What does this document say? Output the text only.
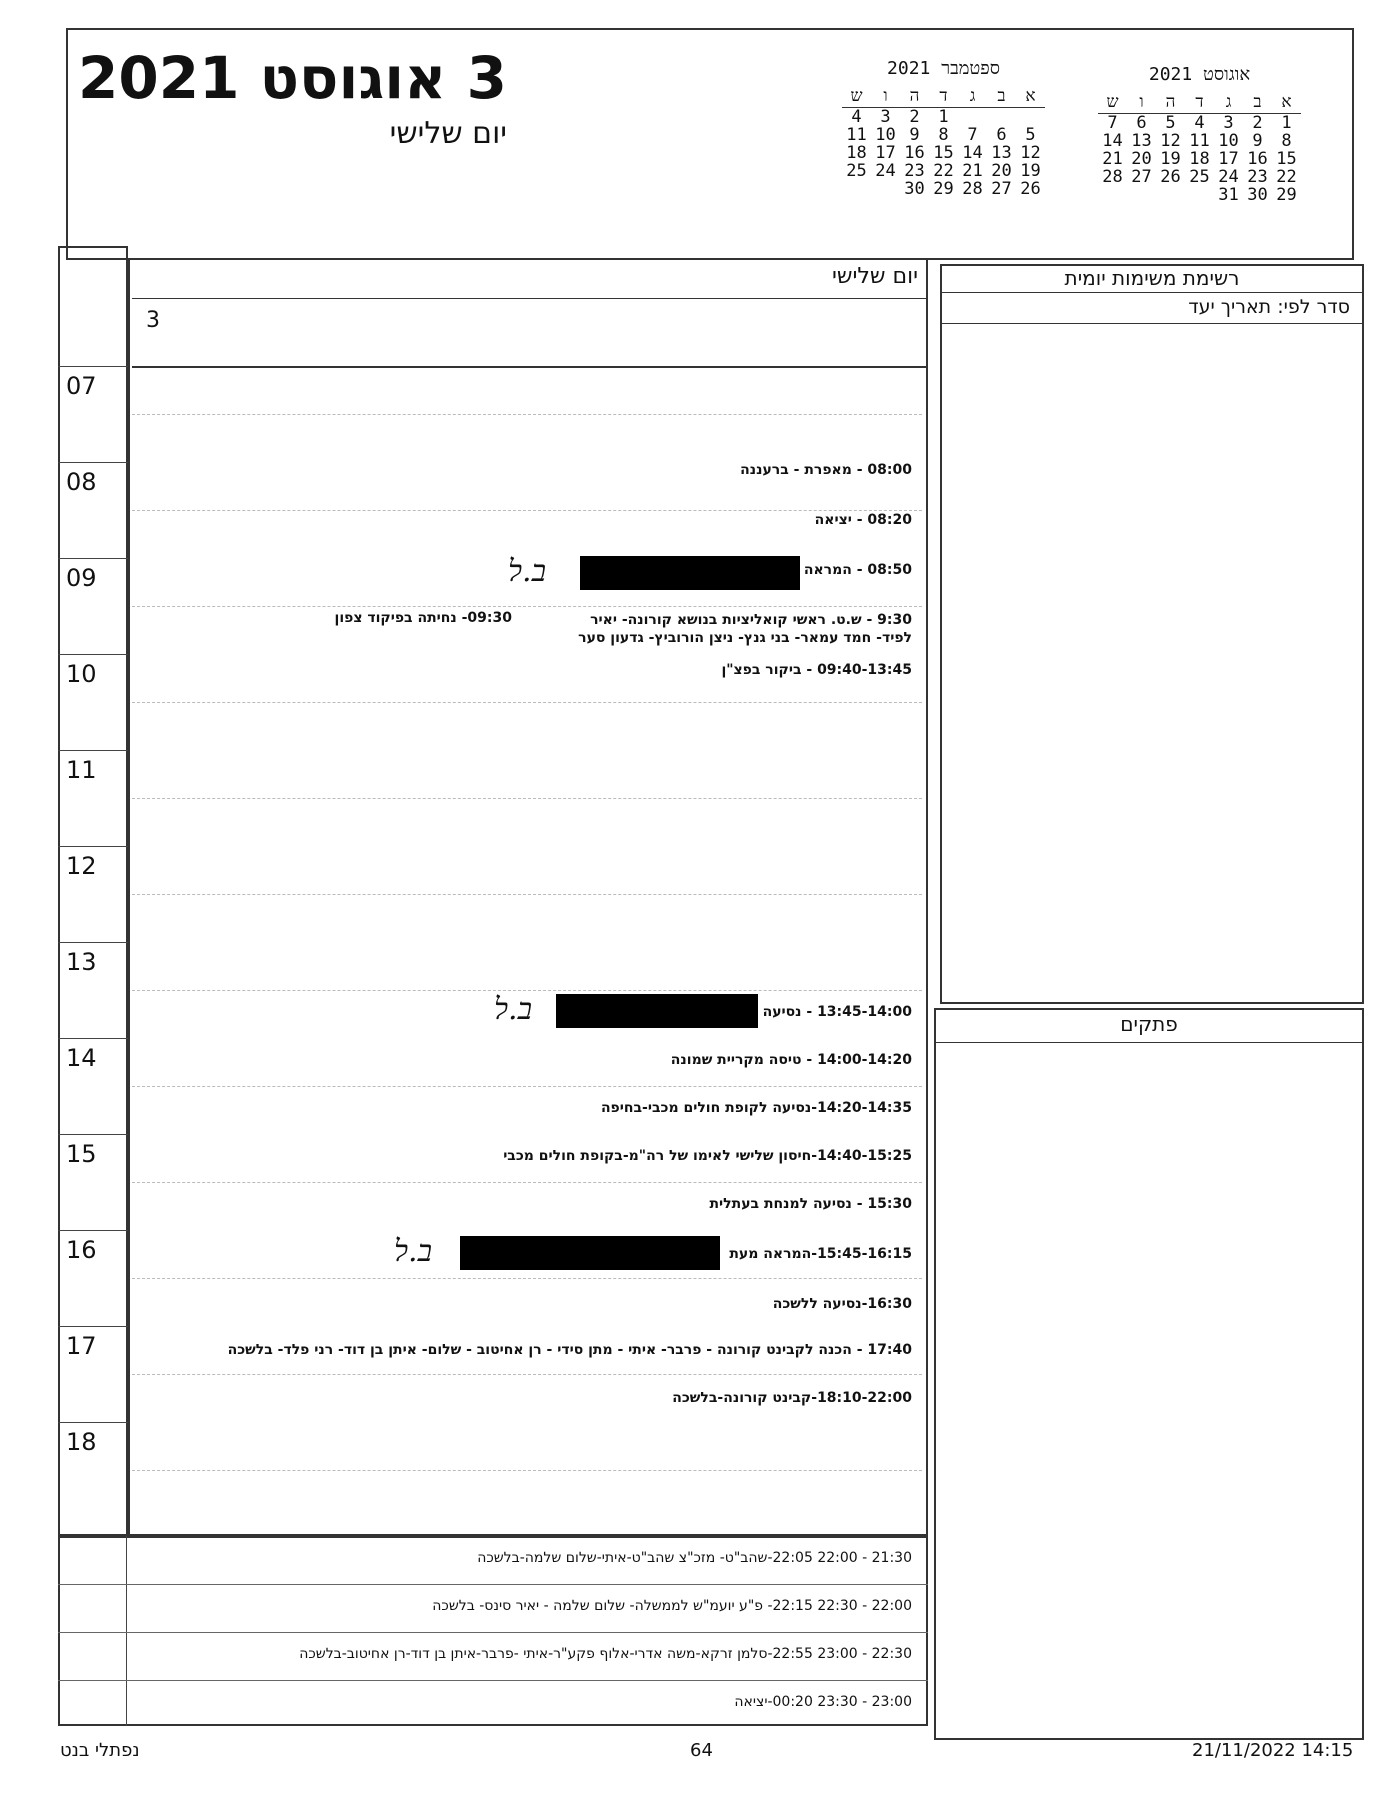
3 אוגוסט 2021
יום שלישי
אוגוסט 2021
א	ב	ג	ד	ה	ו	ש
1	2	3	4	5	6	7
8	9	10	11	12	13	14
15	16	17	18	19	20	21
22	23	24	25	26	27	28
29	30	31				
ספטמבר 2021
א	ב	ג	ד	ה	ו	ש
			1	2	3	4
5	6	7	8	9	10	11
12	13	14	15	16	17	18
19	20	21	22	23	24	25
26	27	28	29	30		
יום שלישי
3
07
08
09
10
11
12
13
14
15
16
17
18
08:00 - מאפרת - ברעננה
08:20 - יציאה
08:50 - המראה
ב.ל
9:30 - ש.ט. ראשי קואליציות בנושא קורונה- יאיר
לפיד- חמד עמאר- בני גנץ- ניצן הורוביץ- גדעון סער
09:30- נחיתה בפיקוד צפון
09:40-13:45 - ביקור בפצ"ן
13:45-14:00 - נסיעה
ב.ל
14:00-14:20 - טיסה מקריית שמונה
14:20-14:35-נסיעה לקופת חולים מכבי-בחיפה
14:40-15:25-חיסון שלישי לאימו של רה"מ-בקופת חולים מכבי
15:30 - נסיעה למנחת בעתלית
15:45-16:15-המראה מעת
ב.ל
16:30-נסיעה ללשכה
17:40 - הכנה לקבינט קורונה - פרבר- איתי - מתן סידי - רן אחיטוב - שלום- איתן בן דוד- רני פלד- בלשכה
18:10-22:00-קבינט קורונה-בלשכה
21:30 - 22:00 22:05-שהב"ט- מזכ"צ שהב"ט-איתי-שלום שלמה-בלשכה
22:00 - 22:30 22:15- פ"ע יועמ"ש לממשלה- שלום שלמה - יאיר סינס- בלשכה
22:30 - 23:00 22:55-סלמן זרקא-משה אדרי-אלוף פקע"ר-איתי -פרבר-איתן בן דוד-רן אחיטוב-בלשכה
23:00 - 23:30 00:20-יציאה
רשימת משימות יומית
סדר לפי: תאריך יעד
פתקים
נפתלי בנט	64	21/11/2022 14:15
